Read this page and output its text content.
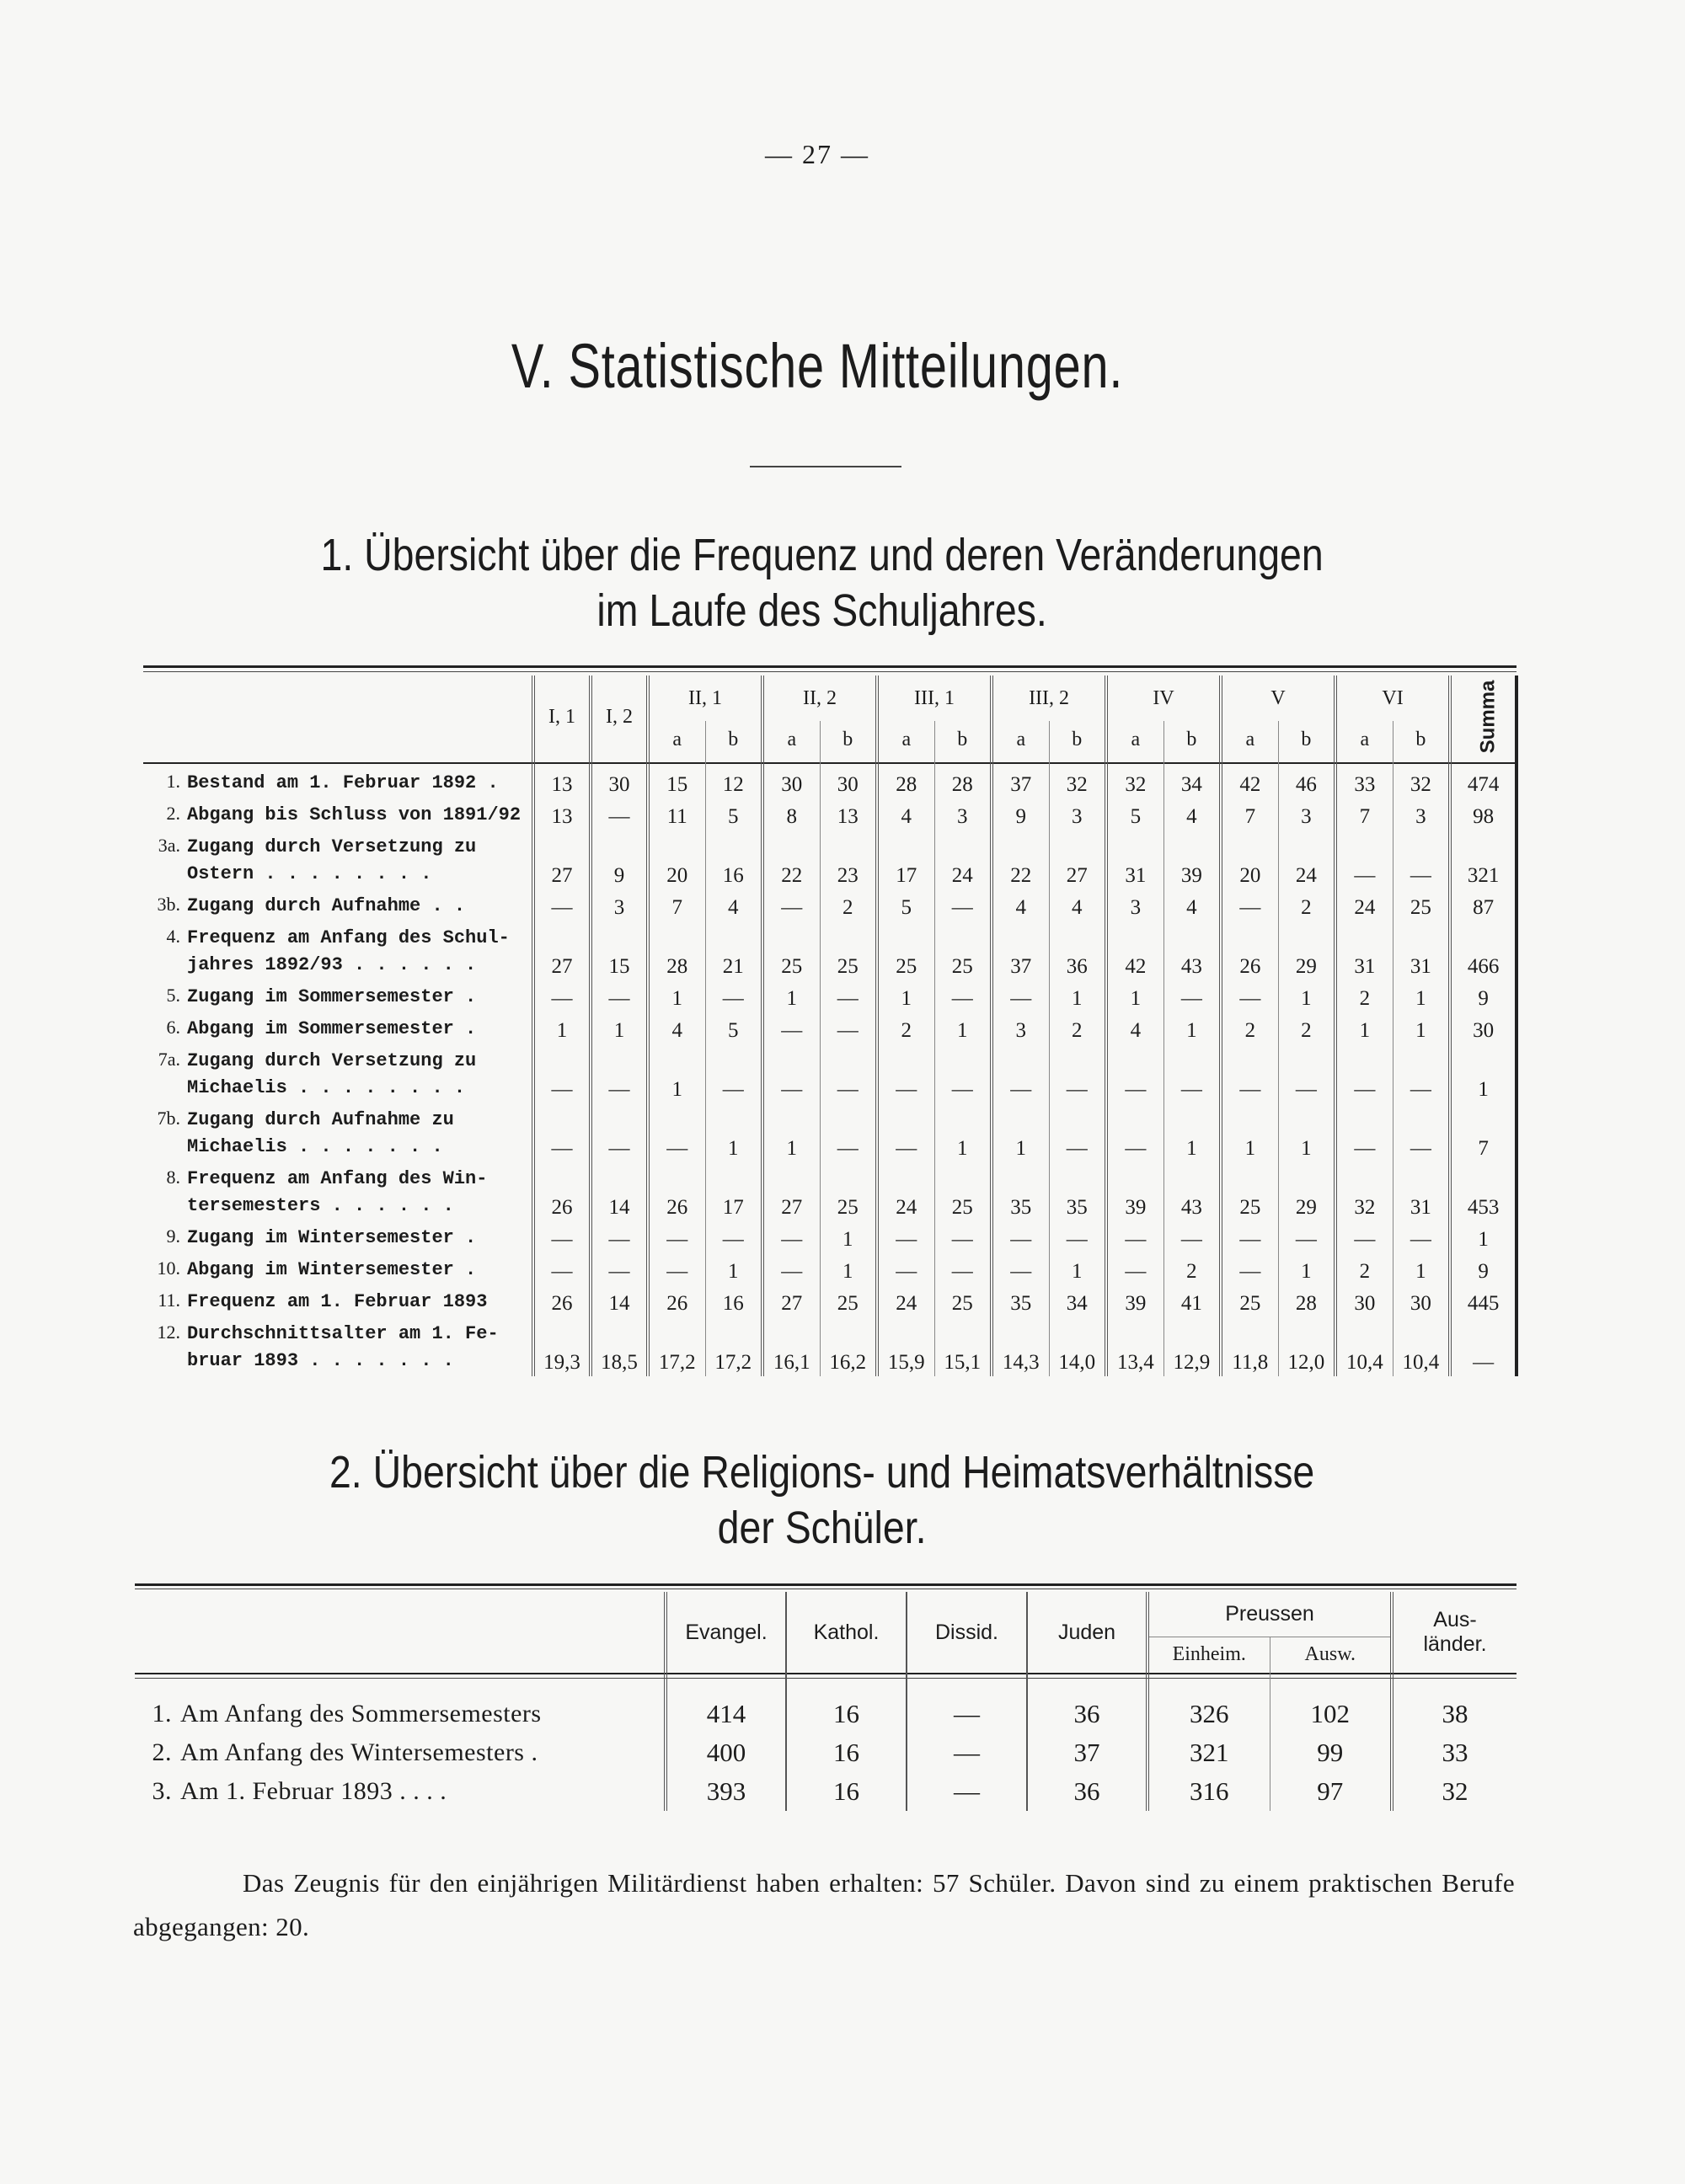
— 27 —
V. Statistische Mitteilungen.
1. Übersicht über die Frequenz und deren Veränderungen
im Laufe des Schuljahres.
	I, 1	I, 2	II, 1		II, 2		III, 1		III, 2		IV		V		VI		Summa
			a	b	a	b	a	b	a	b	a	b	a	b	a	b	
1. Bestand am 1. Februar 1892 .	13	30	15	12	30	30	28	28	37	32	32	34	42	46	33	32	474
2. Abgang bis Schluss von 1891/92	13	—	11	5	8	13	4	3	9	3	5	4	7	3	7	3	98
3a. Zugang durch Versetzung zu
Ostern . . . . . . . .	27	9	20	16	22	23	17	24	22	27	31	39	20	24	—	—	321
3b. Zugang durch Aufnahme . .	—	3	7	4	—	2	5	—	4	4	3	4	—	2	24	25	87
4. Frequenz am Anfang des Schul-
jahres 1892/93 . . . . . .	27	15	28	21	25	25	25	25	37	36	42	43	26	29	31	31	466
5. Zugang im Sommersemester .	—	—	1	—	1	—	1	—	—	1	1	—	—	1	2	1	9
6. Abgang im Sommersemester .	1	1	4	5	—	—	2	1	3	2	4	1	2	2	1	1	30
7a. Zugang durch Versetzung zu
Michaelis . . . . . . . .	—	—	1	—	—	—	—	—	—	—	—	—	—	—	—	—	1
7b. Zugang durch Aufnahme zu
Michaelis . . . . . . .	—	—	—	1	1	—	—	1	1	—	—	1	1	1	—	—	7
8. Frequenz am Anfang des Win-
tersemesters . . . . . .	26	14	26	17	27	25	24	25	35	35	39	43	25	29	32	31	453
9. Zugang im Wintersemester .	—	—	—	—	—	1	—	—	—	—	—	—	—	—	—	—	1
10. Abgang im Wintersemester .	—	—	—	1	—	1	—	—	—	1	—	2	—	1	2	1	9
11. Frequenz am 1. Februar 1893	26	14	26	16	27	25	24	25	35	34	39	41	25	28	30	30	445
12. Durchschnittsalter am 1. Fe-
bruar 1893 . . . . . . .	19,3	18,5	17,2	17,2	16,1	16,2	15,9	15,1	14,3	14,0	13,4	12,9	11,8	12,0	10,4	10,4	—
2. Übersicht über die Religions- und Heimatsverhältnisse
der Schüler.
	Evangel.	Kathol.	Dissid.	Juden	Preussen		Aus-
länder.

					Einheim.	Ausw.	
1. Am Anfang des Sommersemesters	414	16	—	36	326	102	38
2. Am Anfang des Wintersemesters .	400	16	—	37	321	99	33
3. Am 1. Februar 1893 . . . .	393	16	—	36	316	97	32

Das Zeugnis für den einjährigen Militärdienst haben erhalten: 57 Schüler. Davon sind zu einem praktischen Berufe abgegangen: 20.
